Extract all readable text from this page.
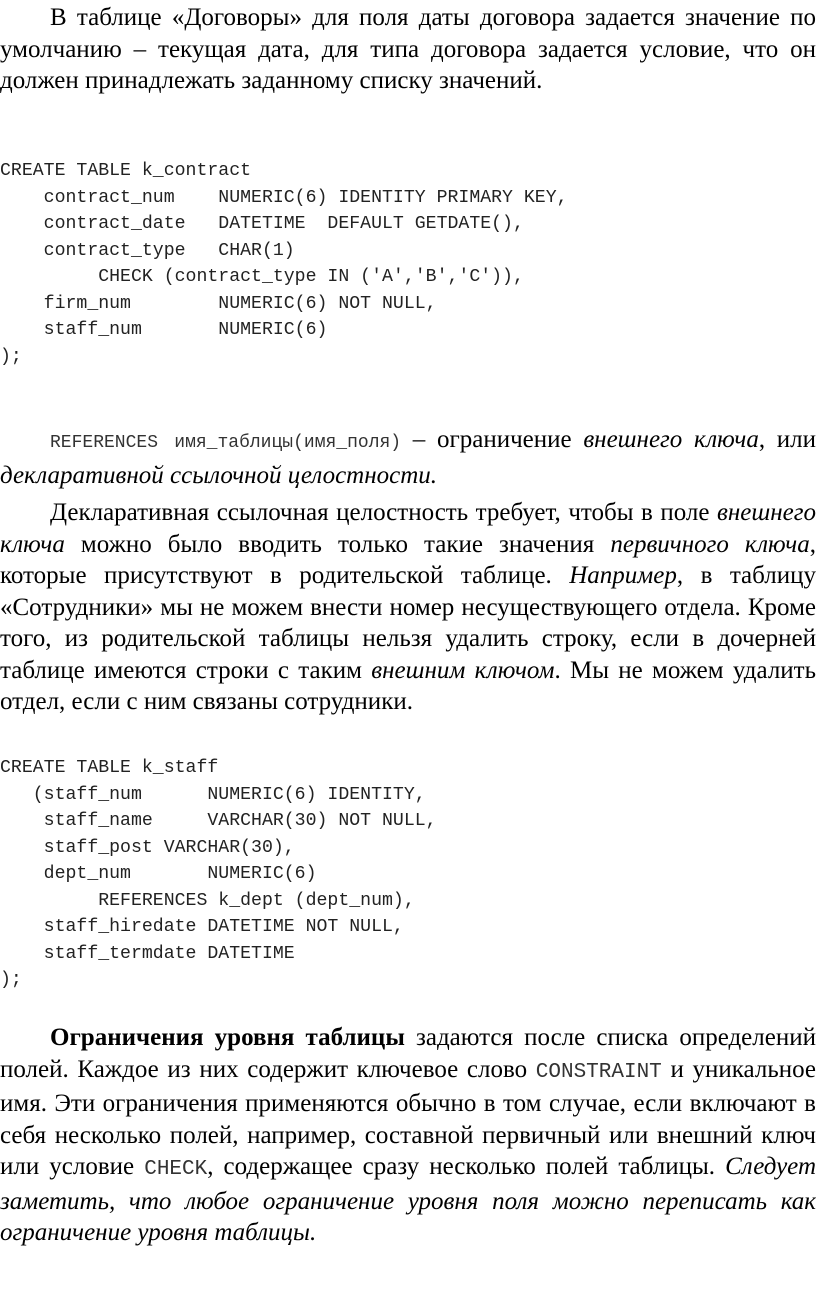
В таблице «Договоры» для поля даты договора задается значение по умолчанию – текущая дата, для типа договора задается условие, что он должен принадлежать заданному списку значений.

CREATE TABLE k_contract
contract_num    NUMERIC(6) IDENTITY PRIMARY KEY,
contract_date   DATETIME  DEFAULT GETDATE(),
contract_type   CHAR(1)
CHECK (contract_type IN ('A','B','C')),
firm_num        NUMERIC(6) NOT NULL,
staff_num       NUMERIC(6)
);

REFERENCES имя_таблицы(имя_поля) – ограничение внешнего ключа, или декларативной ссылочной целостности.

Декларативная ссылочная целостность требует, чтобы в поле внешнего ключа можно было вводить только такие значения первичного ключа, которые присутствуют в родительской таблице. Например, в таблицу «Сотрудники» мы не можем внести номер несуществующего отдела. Кроме того, из родительской таблицы нельзя удалить строку, если в дочерней таблице имеются строки с таким внешним ключом. Мы не можем удалить отдел, если с ним связаны сотрудники.

CREATE TABLE k_staff
(staff_num      NUMERIC(6) IDENTITY,
staff_name     VARCHAR(30) NOT NULL,
staff_post VARCHAR(30),
dept_num       NUMERIC(6)
REFERENCES k_dept (dept_num),
staff_hiredate DATETIME NOT NULL,
staff_termdate DATETIME
);

Ограничения уровня таблицы задаются после списка определений полей. Каждое из них содержит ключевое слово CONSTRAINT и уникальное имя. Эти ограничения применяются обычно в том случае, если включают в себя несколько полей, например, составной первичный или внешний ключ или условие CHECK, содержащее сразу несколько полей таблицы. Следует заметить, что любое ограничение уровня поля можно переписать как ограничение уровня таблицы.
